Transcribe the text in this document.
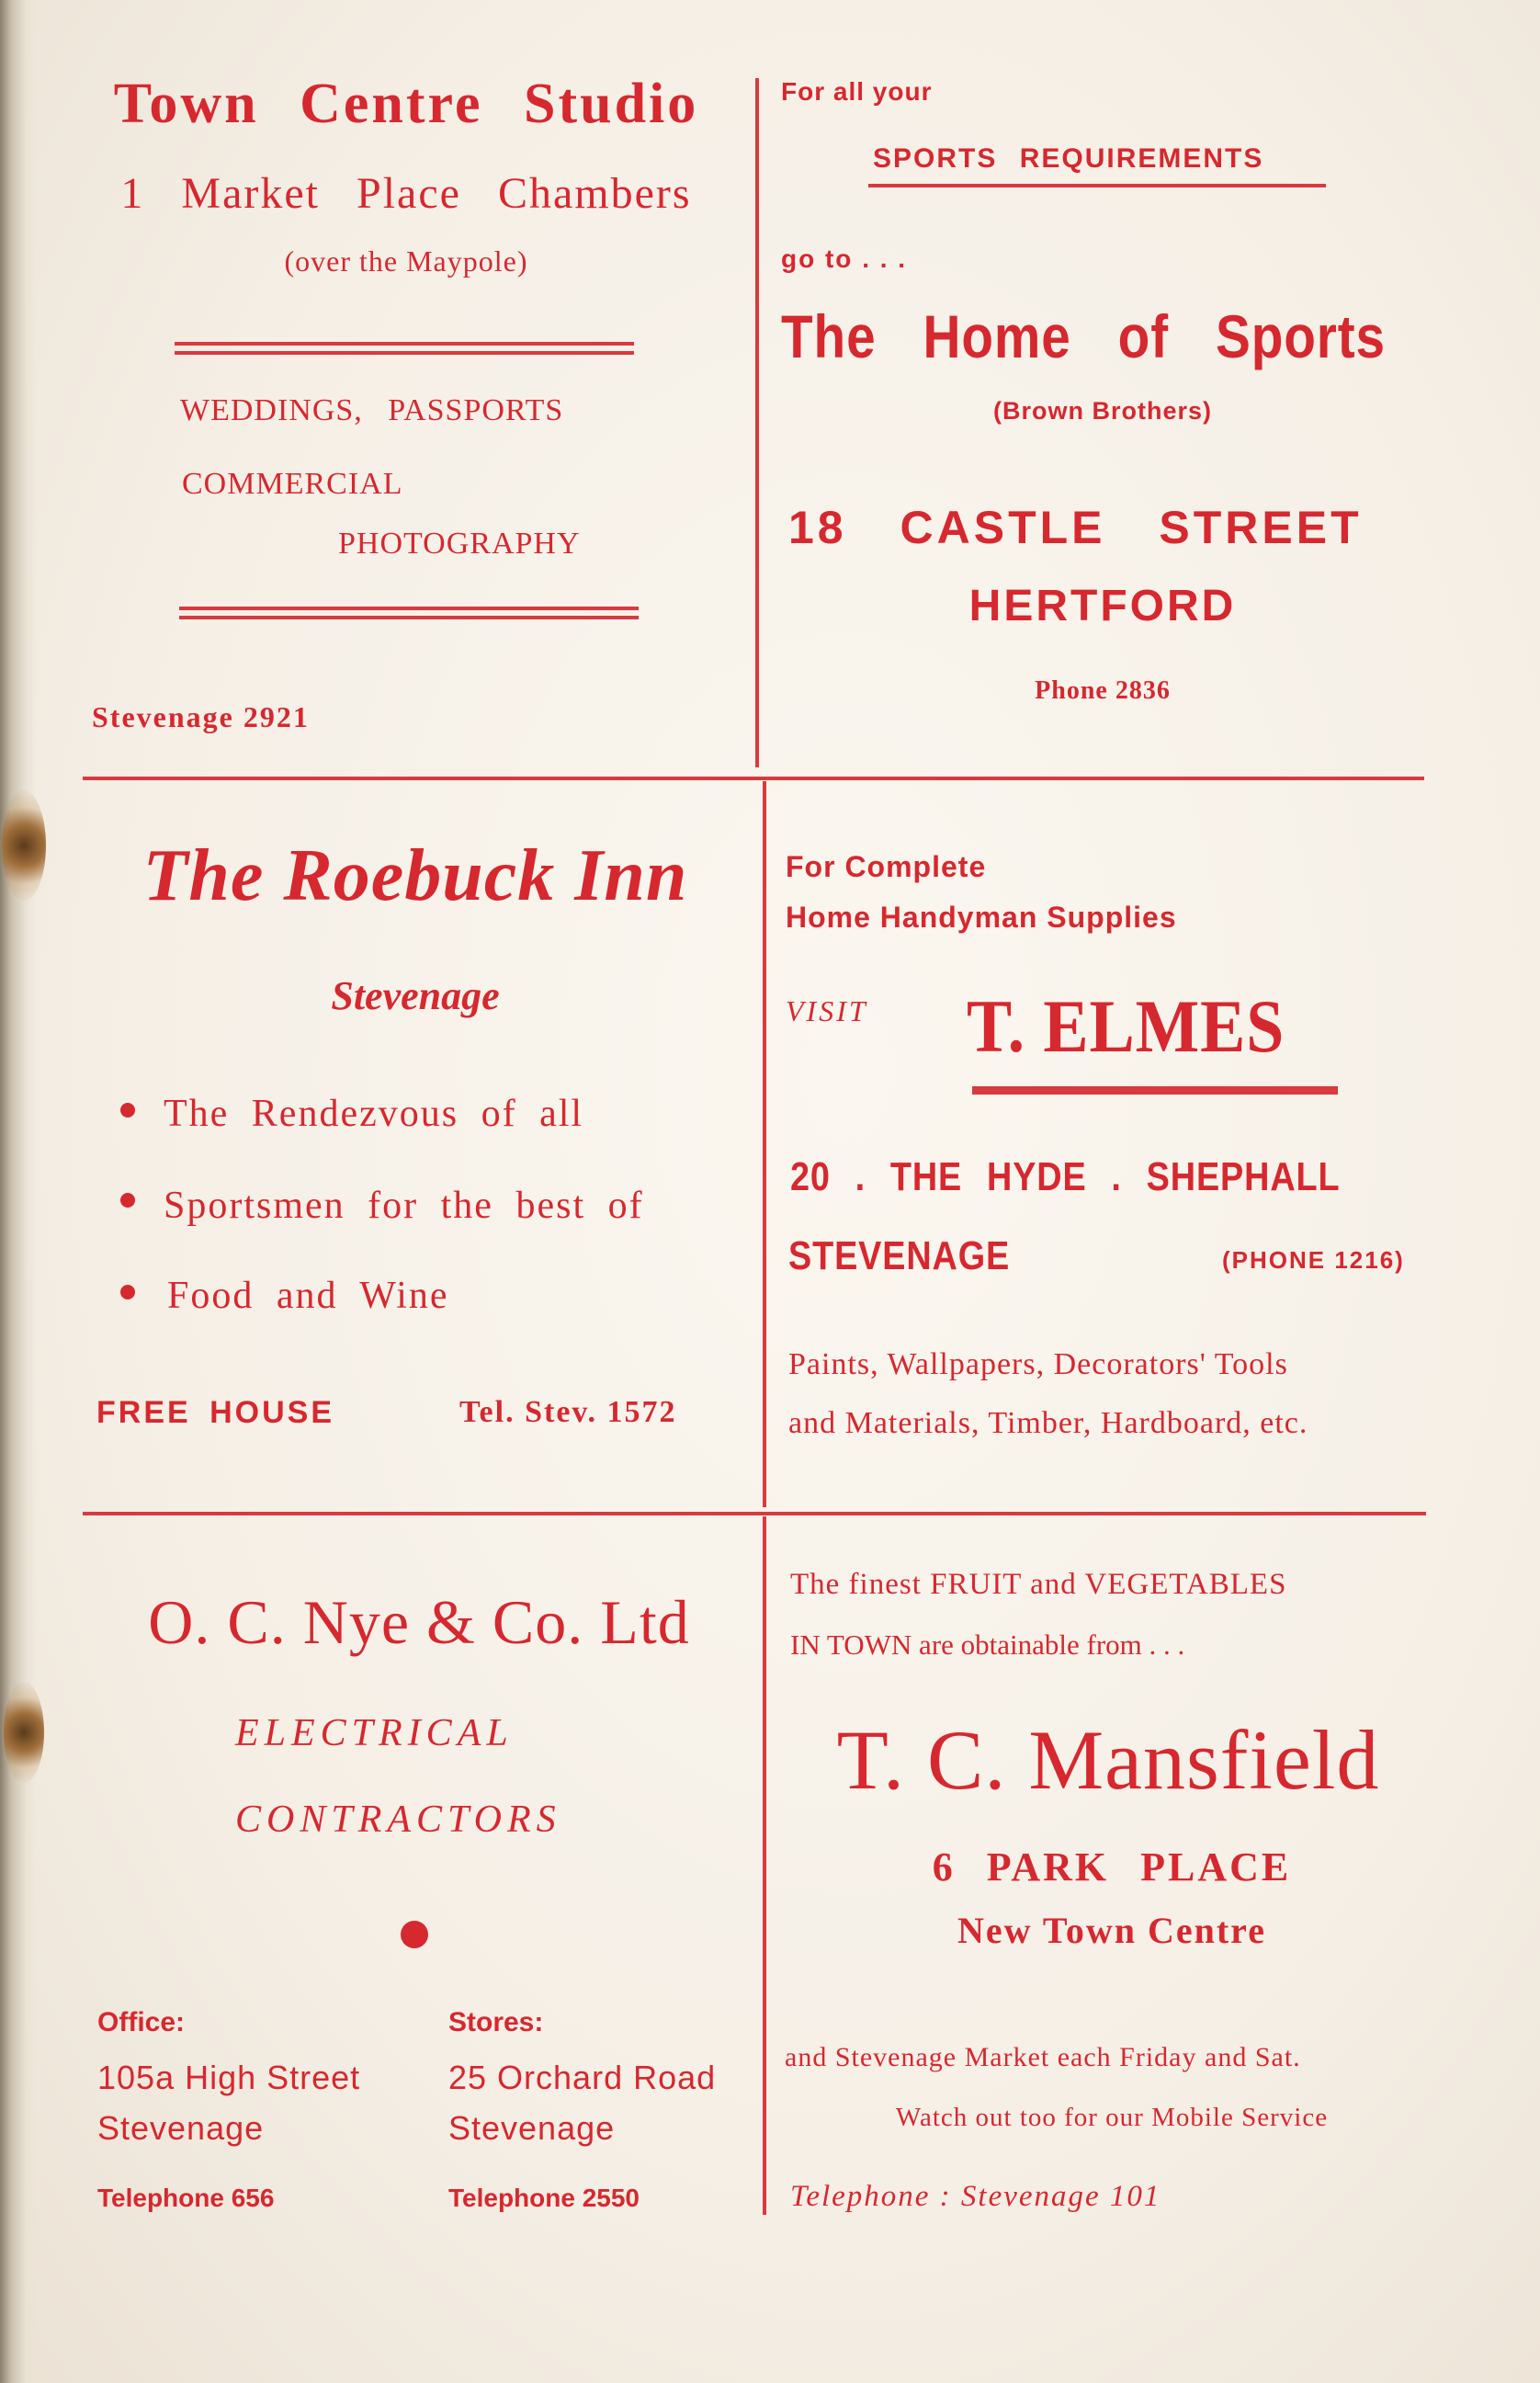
Town Centre Studio
1 Market Place Chambers
(over the Maypole)
WEDDINGS, PASSPORTS
COMMERCIAL
PHOTOGRAPHY
Stevenage 2921
For all your
SPORTS REQUIREMENTS
go to . . .
The Home of Sports
(Brown Brothers)
18 CASTLE STREET
HERTFORD
Phone 2836
The Roebuck Inn
Stevenage
The Rendezvous of all
Sportsmen for the best of
Food and Wine
FREE HOUSE	Tel. Stev. 1572
For Complete
Home Handyman Supplies
VISIT T. ELMES
20 . THE HYDE . SHEPHALL
STEVENAGE	(PHONE 1216)
Paints, Wallpapers, Decorators' Tools
and Materials, Timber, Hardboard, etc.
O. C. Nye & Co. Ltd
ELECTRICAL
CONTRACTORS
Office:
105a High Street
Stevenage
Telephone 656
Stores:
25 Orchard Road
Stevenage
Telephone 2550
The finest FRUIT and VEGETABLES
IN TOWN are obtainable from . . .
T. C. Mansfield
6 PARK PLACE
New Town Centre
and Stevenage Market each Friday and Sat.
Watch out too for our Mobile Service
Telephone : Stevenage 101
